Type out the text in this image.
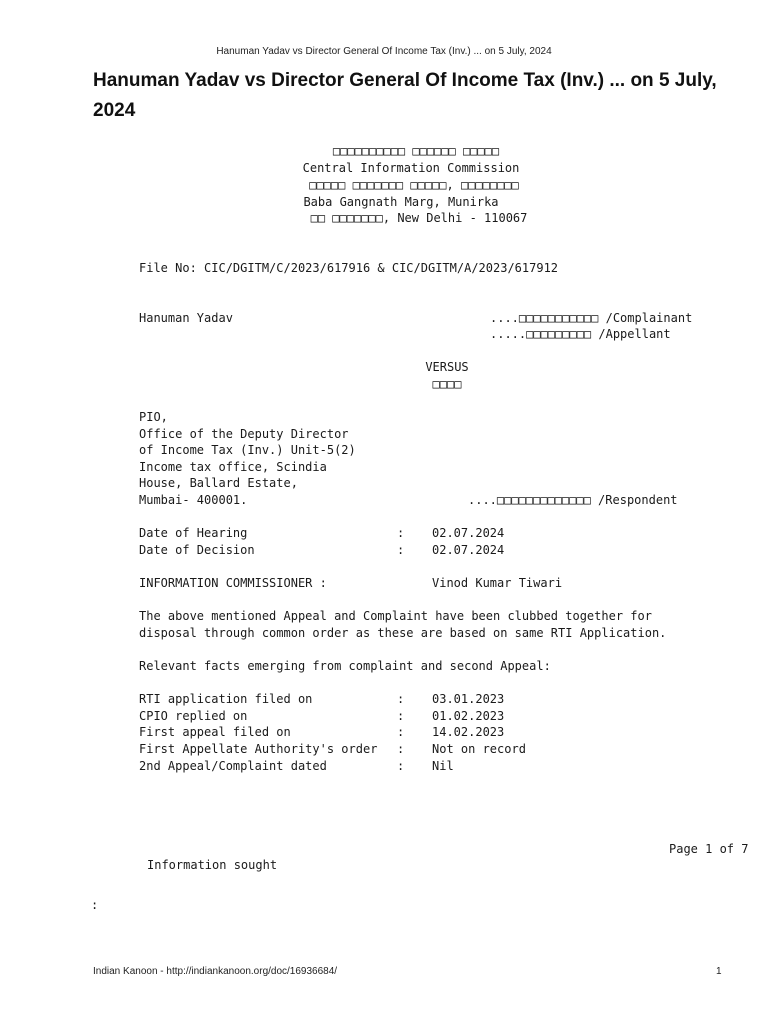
Hanuman Yadav vs Director General Of Income Tax (Inv.) ... on 5 July, 2024
Hanuman Yadav vs Director General Of Income Tax (Inv.) ... on 5 July, 2024
□□□□□□□□□□ □□□□□□ □□□□□
Central Information Commission
□□□□□ □□□□□□□ □□□□□, □□□□□□□□
Baba Gangnath Marg, Munirka
□□ □□□□□□□, New Delhi - 110067
File No: CIC/DGITM/C/2023/617916 & CIC/DGITM/A/2023/617912
Hanuman Yadav	....□□□□□□□□□□□ /Complainant
.....□□□□□□□□□ /Appellant
VERSUS
□□□□
PIO,
Office of the Deputy Director
of Income Tax (Inv.) Unit-5(2)
Income tax office, Scindia
House, Ballard Estate,
Mumbai- 400001.	....□□□□□□□□□□□□□ /Respondent
Date of Hearing	: 02.07.2024
Date of Decision	: 02.07.2024
INFORMATION COMMISSIONER :	Vinod Kumar Tiwari
The above mentioned Appeal and Complaint have been clubbed together for
disposal through common order as these are based on same RTI Application.
Relevant facts emerging from complaint and second Appeal:
RTI application filed on	: 03.01.2023
CPIO replied on	: 01.02.2023
First appeal filed on	: 14.02.2023
First Appellate Authority's order : Not on record
2nd Appeal/Complaint dated	: Nil
Page 1 of 7
Information sought
:
Indian Kanoon - http://indiankanoon.org/doc/16936684/	1
